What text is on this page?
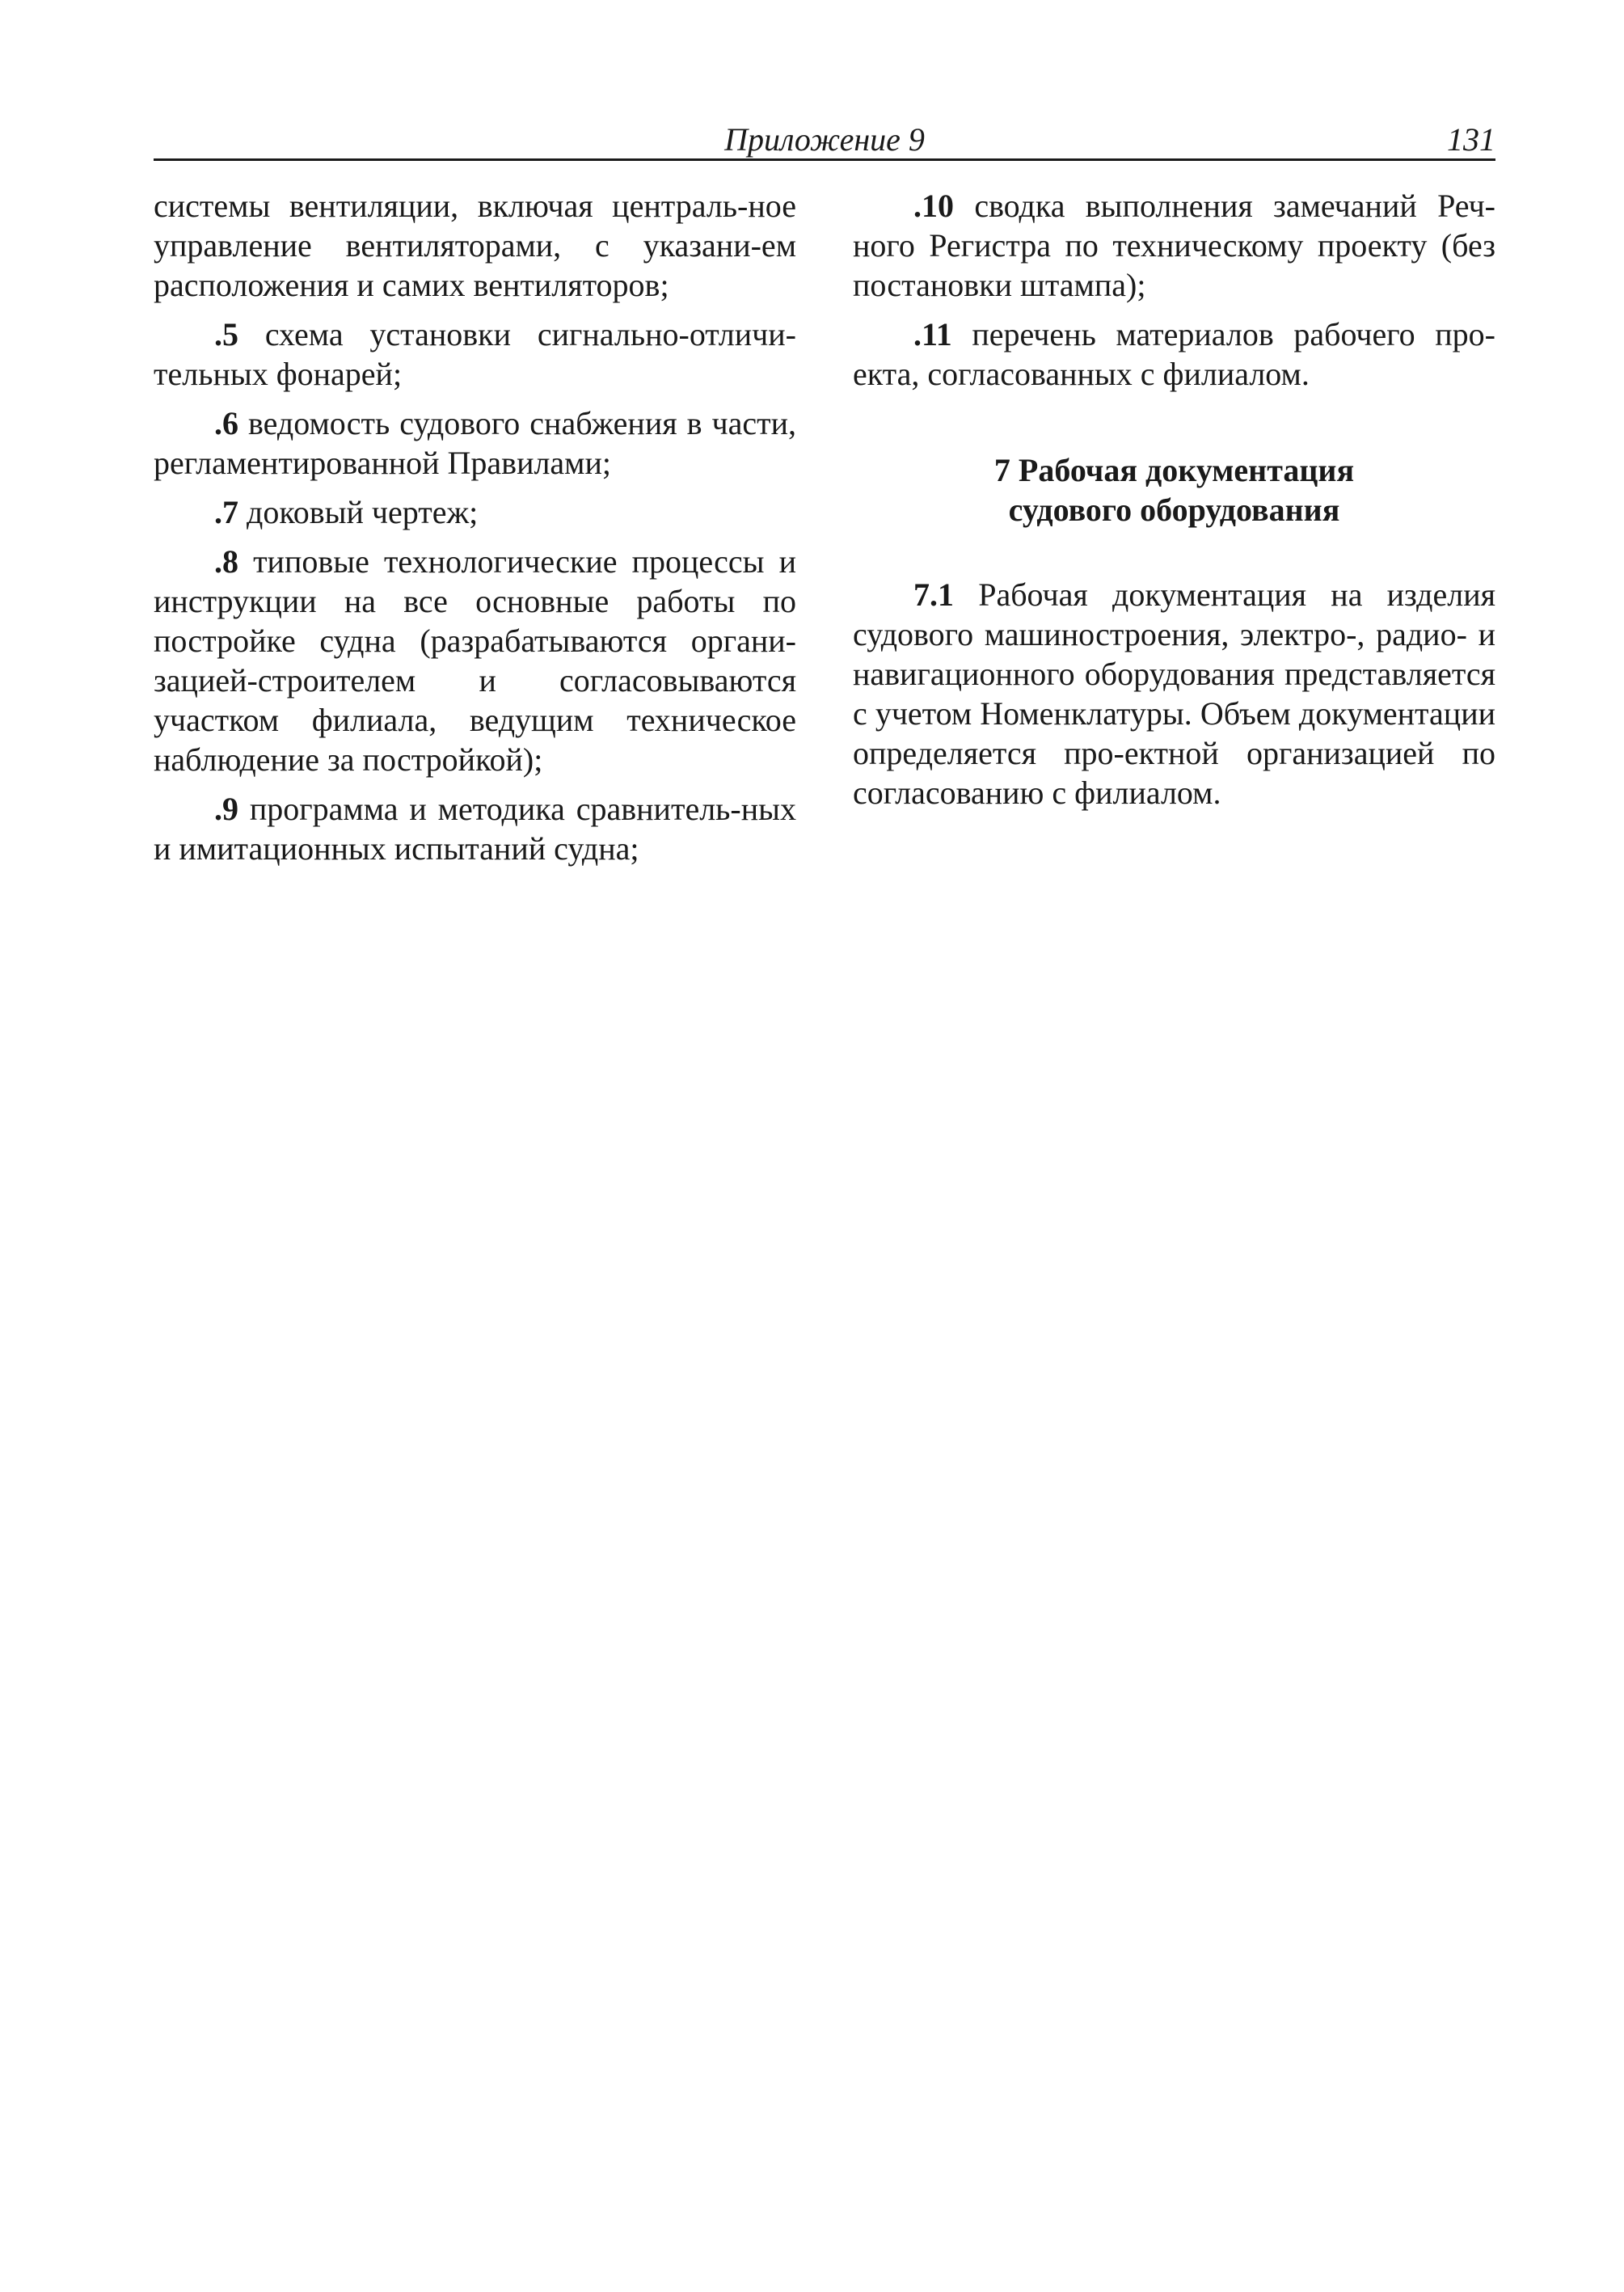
Приложение 9	131

системы вентиляции, включая централь-ное управление вентиляторами, с указани-ем расположения и самих вентиляторов;

.5 схема установки сигнально-отличи-тельных фонарей;

.6 ведомость судового снабжения в части, регламентированной Правилами;

.7 доковый чертеж;

.8 типовые технологические процессы и инструкции на все основные работы по постройке судна (разрабатываются органи-зацией-строителем и согласовываются участком филиала, ведущим техническое наблюдение за постройкой);

.9 программа и методика сравнитель-ных и имитационных испытаний судна;

.10 сводка выполнения замечаний Реч-ного Регистра по техническому проекту (без постановки штампа);

.11 перечень материалов рабочего про-екта, согласованных с филиалом.

7 Рабочая документация
судового оборудования

7.1 Рабочая документация на изделия судового машиностроения, электро-, радио- и навигационного оборудования представляется с учетом Номенклатуры. Объем документации определяется про-ектной организацией по согласованию с филиалом.
